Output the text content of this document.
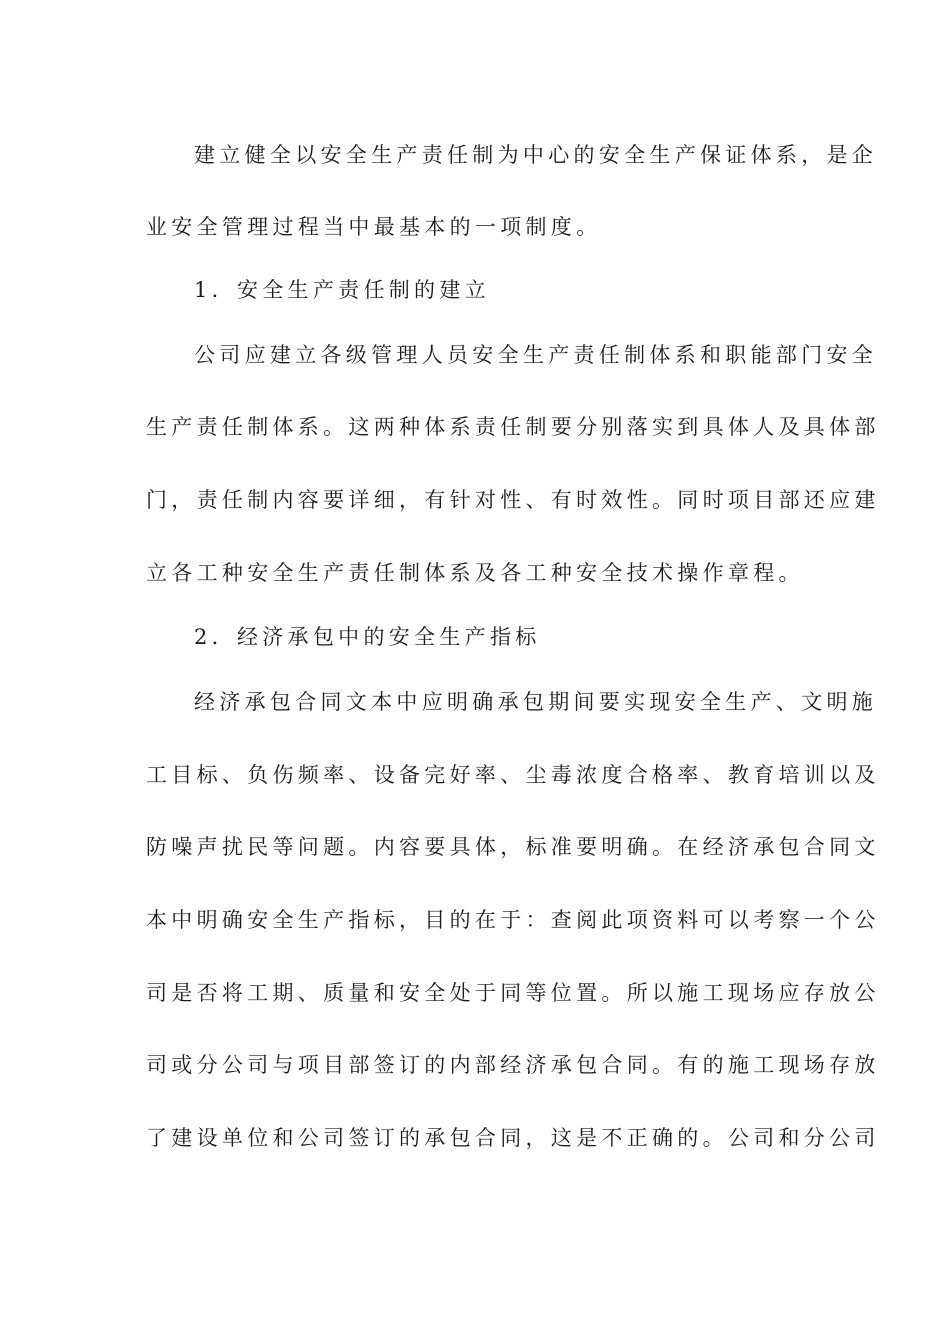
建立健全以安全生产责任制为中心的安全生产保证体系，是企
业安全管理过程当中最基本的一项制度。
1．安全生产责任制的建立
公司应建立各级管理人员安全生产责任制体系和职能部门安全
生产责任制体系。这两种体系责任制要分别落实到具体人及具体部
门，责任制内容要详细，有针对性、有时效性。同时项目部还应建
立各工种安全生产责任制体系及各工种安全技术操作章程。
2．经济承包中的安全生产指标
经济承包合同文本中应明确承包期间要实现安全生产、文明施
工目标、负伤频率、设备完好率、尘毒浓度合格率、教育培训以及
防噪声扰民等问题。内容要具体，标准要明确。在经济承包合同文
本中明确安全生产指标，目的在于：查阅此项资料可以考察一个公
司是否将工期、质量和安全处于同等位置。所以施工现场应存放公
司或分公司与项目部签订的内部经济承包合同。有的施工现场存放
了建设单位和公司签订的承包合同，这是不正确的。公司和分公司
